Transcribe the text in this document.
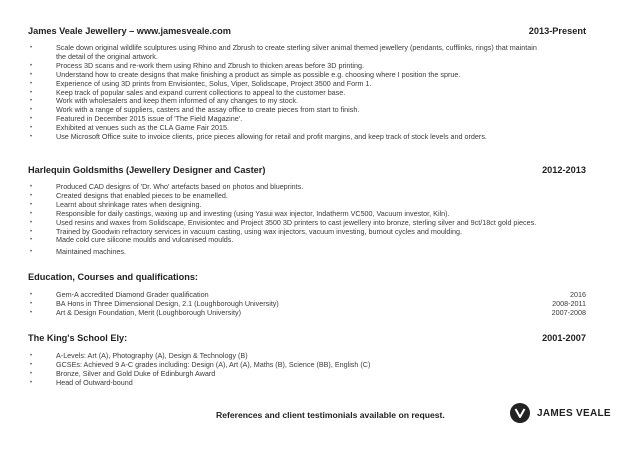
James Veale Jewellery – www.jamesveale.com	2013-Present
• Scale down original wildlife sculptures using Rhino and Zbrush to create sterling silver animal themed jewellery (pendants, cufflinks, rings) that maintain the detail of the original artwork.
• Process 3D scans and re-work them using Rhino and Zbrush to thicken areas before 3D printing.
• Understand how to create designs that make finishing a product as simple as possible e.g. choosing where I position the sprue.
• Experience of using 3D prints from Envisiontec, Solus, Viper, Solidscape, Project 3500 and Form 1.
• Keep track of popular sales and expand current collections to appeal to the customer base.
• Work with wholesalers and keep them informed of any changes to my stock.
• Work with a range of suppliers, casters and the assay office to create pieces from start to finish.
• Featured in December 2015 issue of 'The Field Magazine'.
• Exhibited at venues such as the CLA Game Fair 2015.
• Use Microsoft Office suite to invoice clients, price pieces allowing for retail and profit margins, and keep track of stock levels and orders.
Harlequin Goldsmiths (Jewellery Designer and Caster)	2012-2013
• Produced CAD designs of 'Dr. Who' artefacts based on photos and blueprints.
• Created designs that enabled pieces to be enamelled.
• Learnt about shrinkage rates when designing.
• Responsible for daily castings, waxing up and investing (using Yasui wax injector, Indatherm VC500, Vacuum investor, Kiln).
• Used resins and waxes from Solidscape, Envisiontec and Project 3500 3D printers to cast jewellery into bronze, sterling silver and 9ct/18ct gold pieces.
• Trained by Goodwin refractory services in vacuum casting, using wax injectors, vacuum investing, burnout cycles and moulding.
• Made cold cure silicone moulds and vulcanised moulds.
• Maintained machines.
Education, Courses and qualifications:
• Gem-A accredited Diamond Grader qualification	2016
• BA Hons in Three Dimensional Design, 2.1 (Loughborough University)	2008-2011
• Art & Design Foundation, Merit (Loughborough University)	2007-2008
The King's School Ely:	2001-2007
• A-Levels: Art (A), Photography (A), Design & Technology (B)
• GCSEs: Achieved 9 A-C grades including: Design (A), Art (A), Maths (B), Science (BB), English (C)
• Bronze, Silver and Gold Duke of Edinburgh Award
• Head of Outward-bound
References and client testimonials available on request.	JAMES VEALE
